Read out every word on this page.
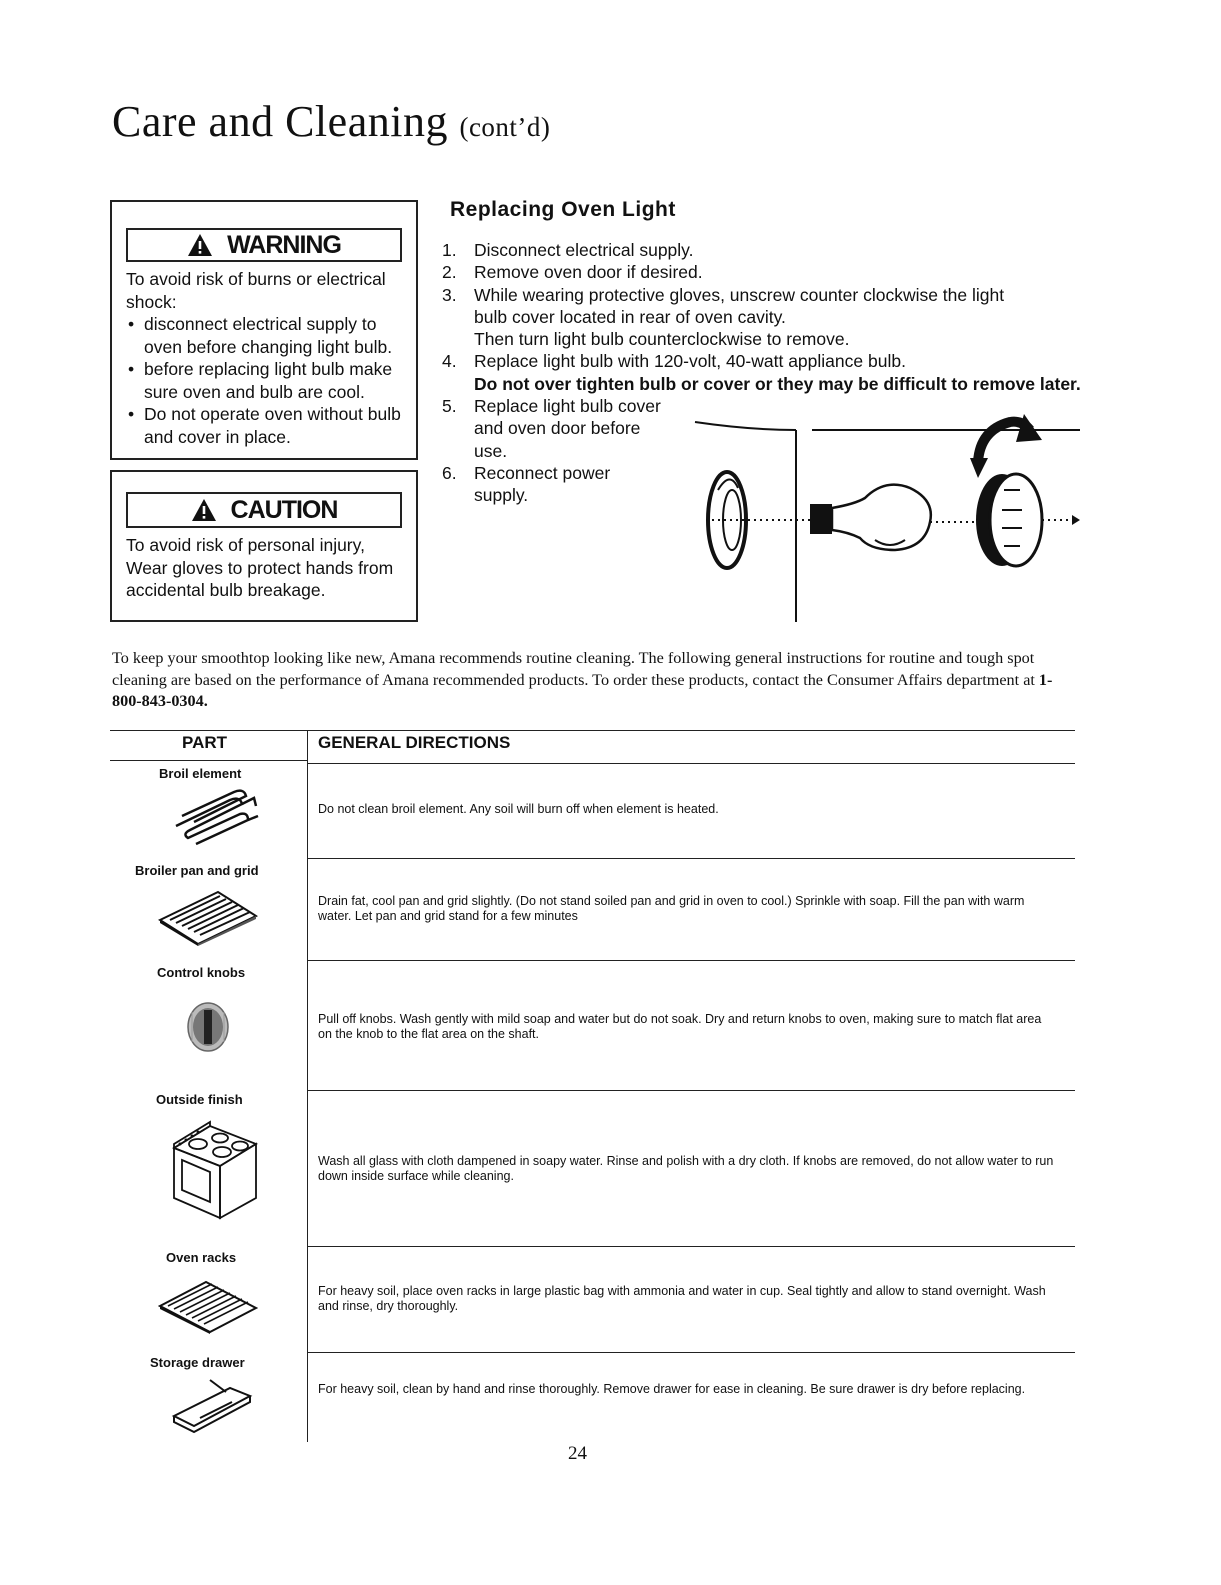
Care and Cleaning (cont’d)
WARNING
To avoid risk of burns or electrical shock:
• disconnect electrical supply to oven before changing light bulb.
• before replacing light bulb make sure oven and bulb are cool.
• Do not operate oven without bulb and cover in place.
CAUTION
To avoid risk of personal injury, Wear gloves to protect hands from accidental bulb breakage.
Replacing Oven Light
1. Disconnect electrical supply.
2. Remove oven door if desired.
3. While wearing protective gloves, unscrew counter clockwise the light bulb cover located in rear of oven cavity.
Then turn light bulb counterclockwise to remove.
4. Replace light bulb with 120-volt, 40-watt appliance bulb.
Do not over tighten bulb or cover or they may be difficult to remove later.
5. Replace light bulb cover and oven door before use.
6. Reconnect power supply.

To keep your smoothtop looking like new, Amana recommends routine cleaning. The following general instructions for routine and tough spot cleaning are based on the performance of Amana recommended products. To order these products, contact the Consumer Affairs department at 1-800-843-0304.

PART	GENERAL DIRECTIONS
Broil element
Do not clean broil element. Any soil will burn off when element is heated.
Broiler pan and grid
Drain fat, cool pan and grid slightly. (Do not stand soiled pan and grid in oven to cool.) Sprinkle with soap. Fill the pan with warm water. Let pan and grid stand for a few minutes
Control knobs
Pull off knobs. Wash gently with mild soap and water but do not soak. Dry and return knobs to oven, making sure to match flat area on the knob to the flat area on the shaft.
Outside finish
Wash all glass with cloth dampened in soapy water. Rinse and polish with a dry cloth. If knobs are removed, do not allow water to run down inside surface while cleaning.
Oven racks
For heavy soil, place oven racks in large plastic bag with ammonia and water in cup. Seal tightly and allow to stand overnight. Wash and rinse, dry thoroughly.
Storage drawer
For heavy soil, clean by hand and rinse thoroughly. Remove drawer for ease in cleaning. Be sure drawer is dry before replacing.
24
